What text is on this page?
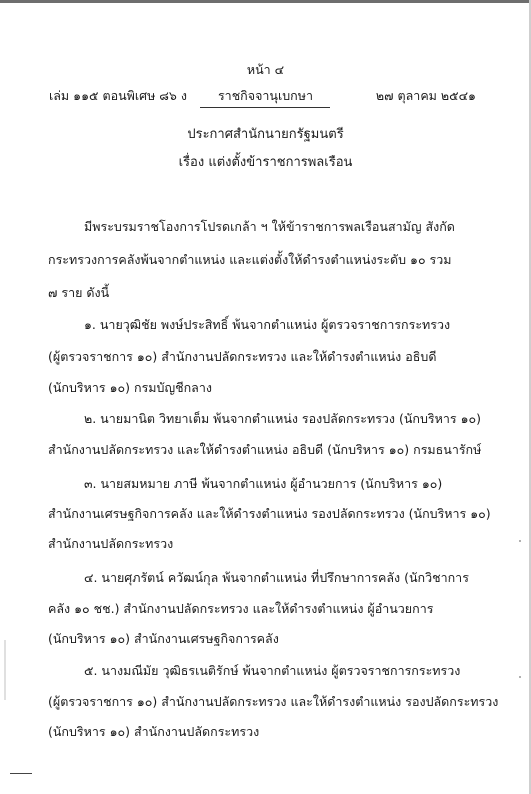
หน้า ๔
เล่ม ๑๑๕ ตอนพิเศษ ๘๖ ง	ราชกิจจานุเบกษา	๒๗ ตุลาคม ๒๕๔๑
ประกาศสำนักนายกรัฐมนตรี
เรื่อง แต่งตั้งข้าราชการพลเรือน
มีพระบรมราชโองการโปรดเกล้า ฯ ให้ข้าราชการพลเรือนสามัญ สังกัด
กระทรวงการคลังพ้นจากตำแหน่ง และแต่งตั้งให้ดำรงตำแหน่งระดับ ๑๐ รวม
๗ ราย ดังนี้
๑. นายวุฒิชัย พงษ์ประสิทธิ์ พ้นจากตำแหน่ง ผู้ตรวจราชการกระทรวง
(ผู้ตรวจราชการ ๑๐) สำนักงานปลัดกระทรวง และให้ดำรงตำแหน่ง อธิบดี
(นักบริหาร ๑๐) กรมบัญชีกลาง
๒. นายมานิต วิทยาเต็ม พ้นจากตำแหน่ง รองปลัดกระทรวง (นักบริหาร ๑๐)
สำนักงานปลัดกระทรวง และให้ดำรงตำแหน่ง อธิบดี (นักบริหาร ๑๐) กรมธนารักษ์
๓. นายสมหมาย ภาษี พ้นจากตำแหน่ง ผู้อำนวยการ (นักบริหาร ๑๐)
สำนักงานเศรษฐกิจการคลัง และให้ดำรงตำแหน่ง รองปลัดกระทรวง (นักบริหาร ๑๐)
สำนักงานปลัดกระทรวง
๔. นายศุภรัตน์ ควัฒน์กุล พ้นจากตำแหน่ง ที่ปรึกษาการคลัง (นักวิชาการ
คลัง ๑๐ ชช.) สำนักงานปลัดกระทรวง และให้ดำรงตำแหน่ง ผู้อำนวยการ
(นักบริหาร ๑๐) สำนักงานเศรษฐกิจการคลัง
๕. นางมณีมัย วุฒิธรเนติรักษ์ พ้นจากตำแหน่ง ผู้ตรวจราชการกระทรวง
(ผู้ตรวจราชการ ๑๐) สำนักงานปลัดกระทรวง และให้ดำรงตำแหน่ง รองปลัดกระทรวง
(นักบริหาร ๑๐) สำนักงานปลัดกระทรวง
